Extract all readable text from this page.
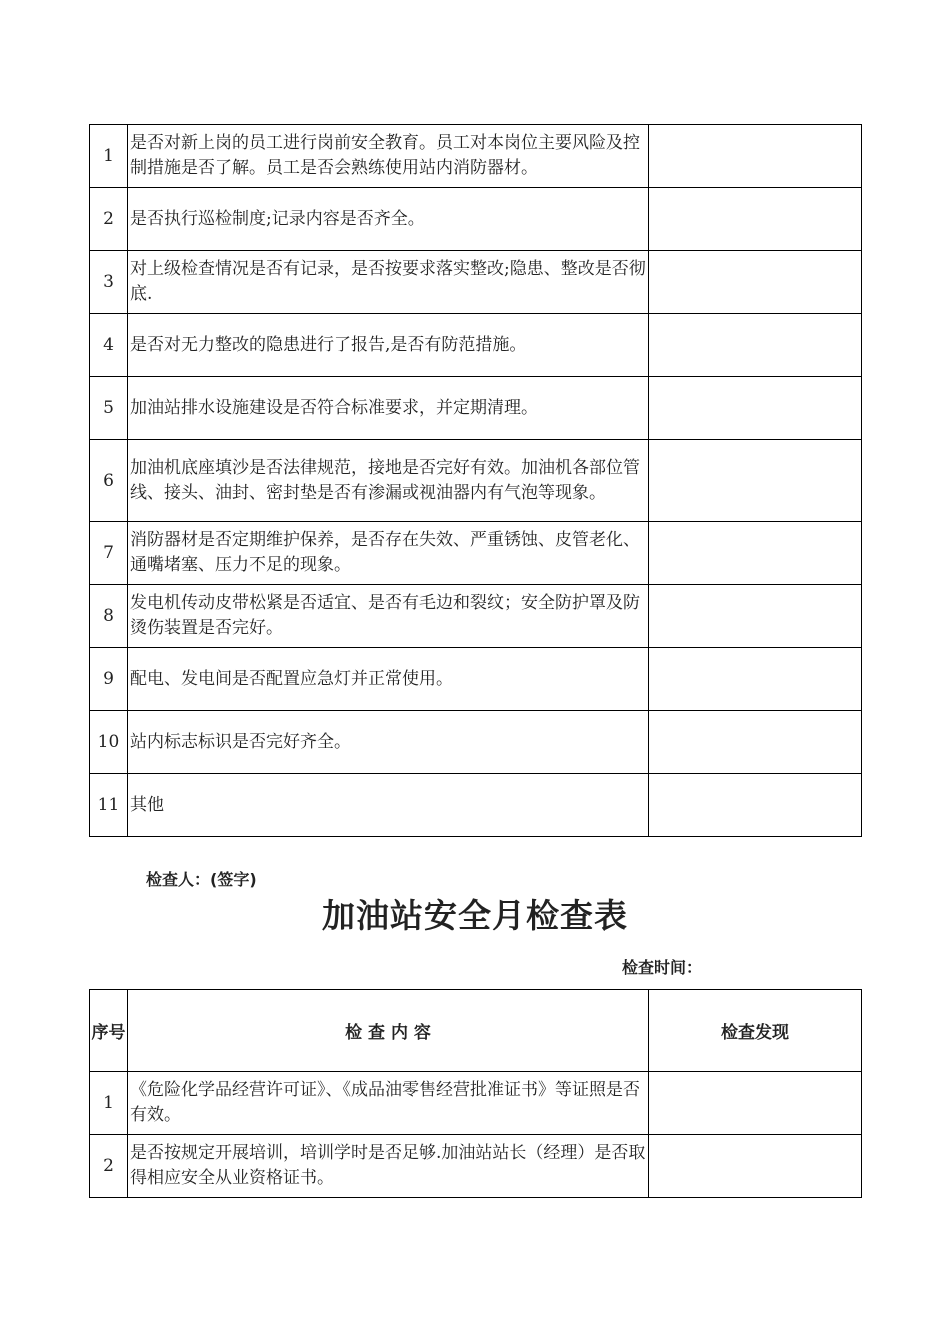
1	是否对新上岗的员工进行岗前安全教育。员工对本岗位主要风险及控制措施是否了解。员工是否会熟练使用站内消防器材。	
2	是否执行巡检制度;记录内容是否齐全。	
3	对上级检查情况是否有记录，是否按要求落实整改;隐患、整改是否彻底.	
4	是否对无力整改的隐患进行了报告,是否有防范措施。	
5	加油站排水设施建设是否符合标准要求，并定期清理。	
6	加油机底座填沙是否法律规范，接地是否完好有效。加油机各部位管线、接头、油封、密封垫是否有渗漏或视油器内有气泡等现象。	
7	消防器材是否定期维护保养，是否存在失效、严重锈蚀、皮管老化、通嘴堵塞、压力不足的现象。	
8	发电机传动皮带松紧是否适宜、是否有毛边和裂纹；安全防护罩及防烫伤装置是否完好。	
9	配电、发电间是否配置应急灯并正常使用。	
10	站内标志标识是否完好齐全。	
11	其他	
检查人：(签字)
加油站安全月检查表
检查时间：
序号	检 查 内 容	检查发现
1	《危险化学品经营许可证》、《成品油零售经营批准证书》等证照是否有效。	
2	是否按规定开展培训，培训学时是否足够.加油站站长（经理）是否取得相应安全从业资格证书。	
